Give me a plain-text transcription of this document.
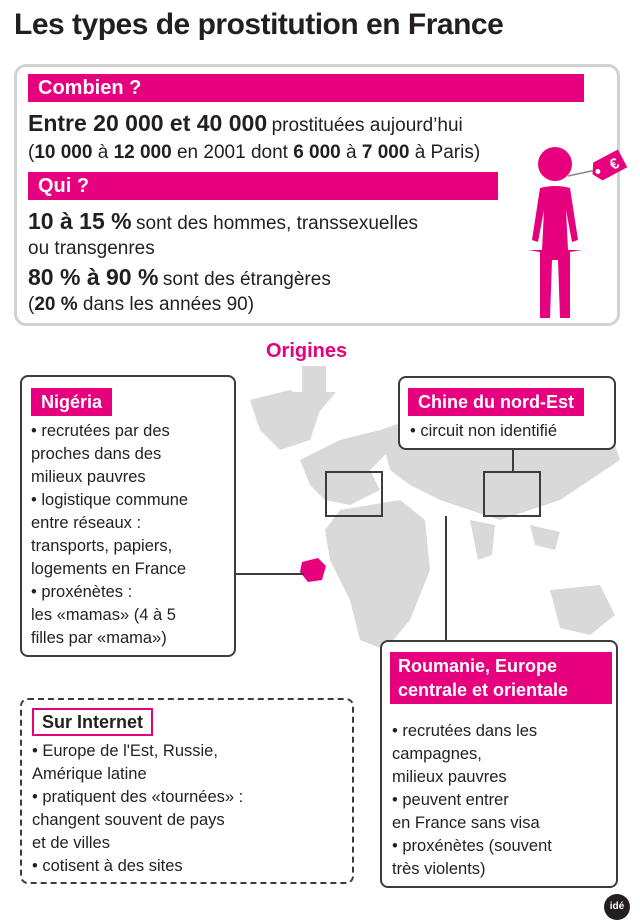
Les types de prostitution en France
Combien ?
Entre 20 000 et 40 000 prostituées aujourd’hui
(10 000 à 12 000 en 2001 dont 6 000 à 7 000 à Paris)
Qui ?
10 à 15 % sont des hommes, transsexuelles
ou transgenres
80 % à 90 % sont des étrangères
(20 % dans les années 90)
€
Origines
Nigéria
• recrutées par des
proches dans des
milieux pauvres
• logistique commune
entre réseaux :
transports, papiers,
logements en France
• proxénètes :
les «mamas» (4 à 5
filles par «mama»)
Chine du nord-Est
• circuit non identifié
Roumanie, Europe
centrale et orientale
• recrutées dans les
campagnes,
milieux pauvres
• peuvent entrer
en France sans visa
• proxénètes (souvent
très violents)
Sur Internet
• Europe de l'Est, Russie,
Amérique latine
• pratiquent des «tournées» :
changent souvent de pays
et de villes
• cotisent à des sites
idé
